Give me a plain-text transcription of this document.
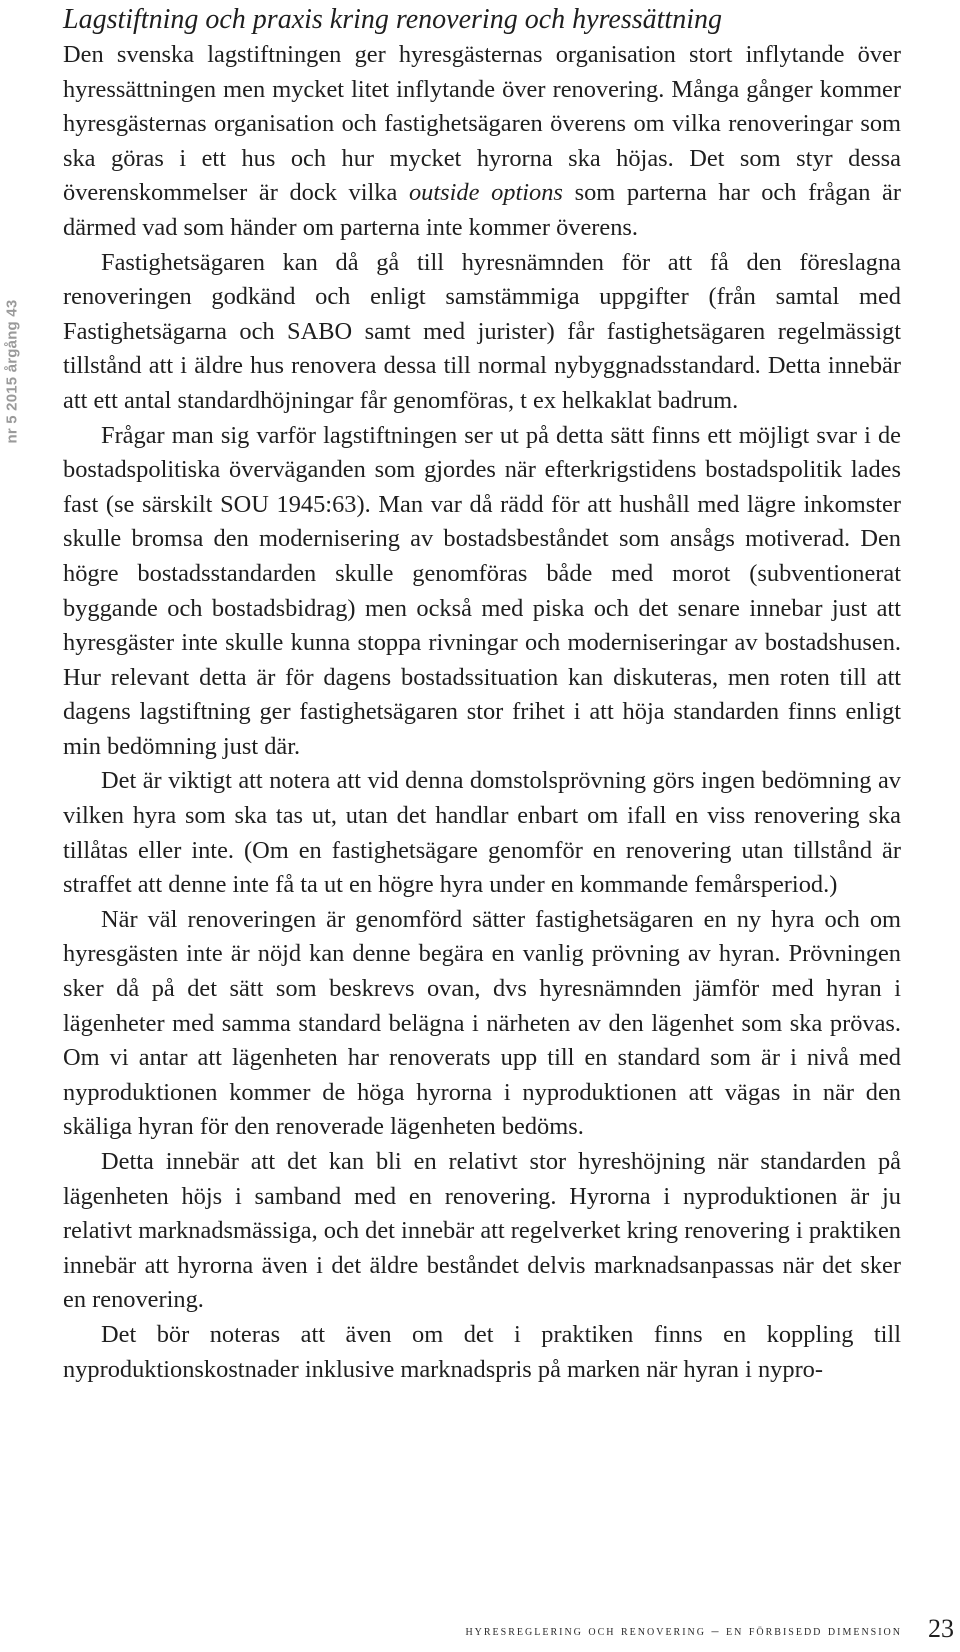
nr 5 2015 årgång 43
Lagstiftning och praxis kring renovering och hyressättning

Den svenska lagstiftningen ger hyresgästernas organisation stort inflytande över hyressättningen men mycket litet inflytande över renovering. Många gånger kommer hyresgästernas organisation och fastighetsägaren överens om vilka renoveringar som ska göras i ett hus och hur mycket hyrorna ska höjas. Det som styr dessa överenskommelser är dock vilka outside options som parterna har och frågan är därmed vad som händer om parterna inte kommer överens.

Fastighetsägaren kan då gå till hyresnämnden för att få den föreslagna renoveringen godkänd och enligt samstämmiga uppgifter (från samtal med Fastighetsägarna och SABO samt med jurister) får fastighetsägaren regelmässigt tillstånd att i äldre hus renovera dessa till normal nybyggnadsstandard. Detta innebär att ett antal standardhöjningar får genomföras, t ex helkaklat badrum.

Frågar man sig varför lagstiftningen ser ut på detta sätt finns ett möjligt svar i de bostadspolitiska överväganden som gjordes när efterkrigstidens bostadspolitik lades fast (se särskilt SOU 1945:63). Man var då rädd för att hushåll med lägre inkomster skulle bromsa den modernisering av bostadsbeståndet som ansågs motiverad. Den högre bostadsstandarden skulle genomföras både med morot (subventionerat byggande och bostadsbidrag) men också med piska och det senare innebar just att hyresgäster inte skulle kunna stoppa rivningar och moderniseringar av bostadshusen. Hur relevant detta är för dagens bostadssituation kan diskuteras, men roten till att dagens lagstiftning ger fastighetsägaren stor frihet i att höja standarden finns enligt min bedömning just där.

Det är viktigt att notera att vid denna domstolsprövning görs ingen bedömning av vilken hyra som ska tas ut, utan det handlar enbart om ifall en viss renovering ska tillåtas eller inte. (Om en fastighetsägare genomför en renovering utan tillstånd är straffet att denne inte få ta ut en högre hyra under en kommande femårsperiod.)

När väl renoveringen är genomförd sätter fastighetsägaren en ny hyra och om hyresgästen inte är nöjd kan denne begära en vanlig prövning av hyran. Prövningen sker då på det sätt som beskrevs ovan, dvs hyresnämnden jämför med hyran i lägenheter med samma standard belägna i närheten av den lägenhet som ska prövas. Om vi antar att lägenheten har renoverats upp till en standard som är i nivå med nyproduktionen kommer de höga hyrorna i nyproduktionen att vägas in när den skäliga hyran för den renoverade lägenheten bedöms.

Detta innebär att det kan bli en relativt stor hyreshöjning när standarden på lägenheten höjs i samband med en renovering. Hyrorna i nyproduktionen är ju relativt marknadsmässiga, och det innebär att regelverket kring renovering i praktiken innebär att hyrorna även i det äldre beståndet delvis marknadsanpassas när det sker en renovering.

Det bör noteras att även om det i praktiken finns en koppling till nyproduktionskostnader inklusive marknadspris på marken när hyran i nypro-

hyresreglering och renovering – en förbisedd dimension 23
